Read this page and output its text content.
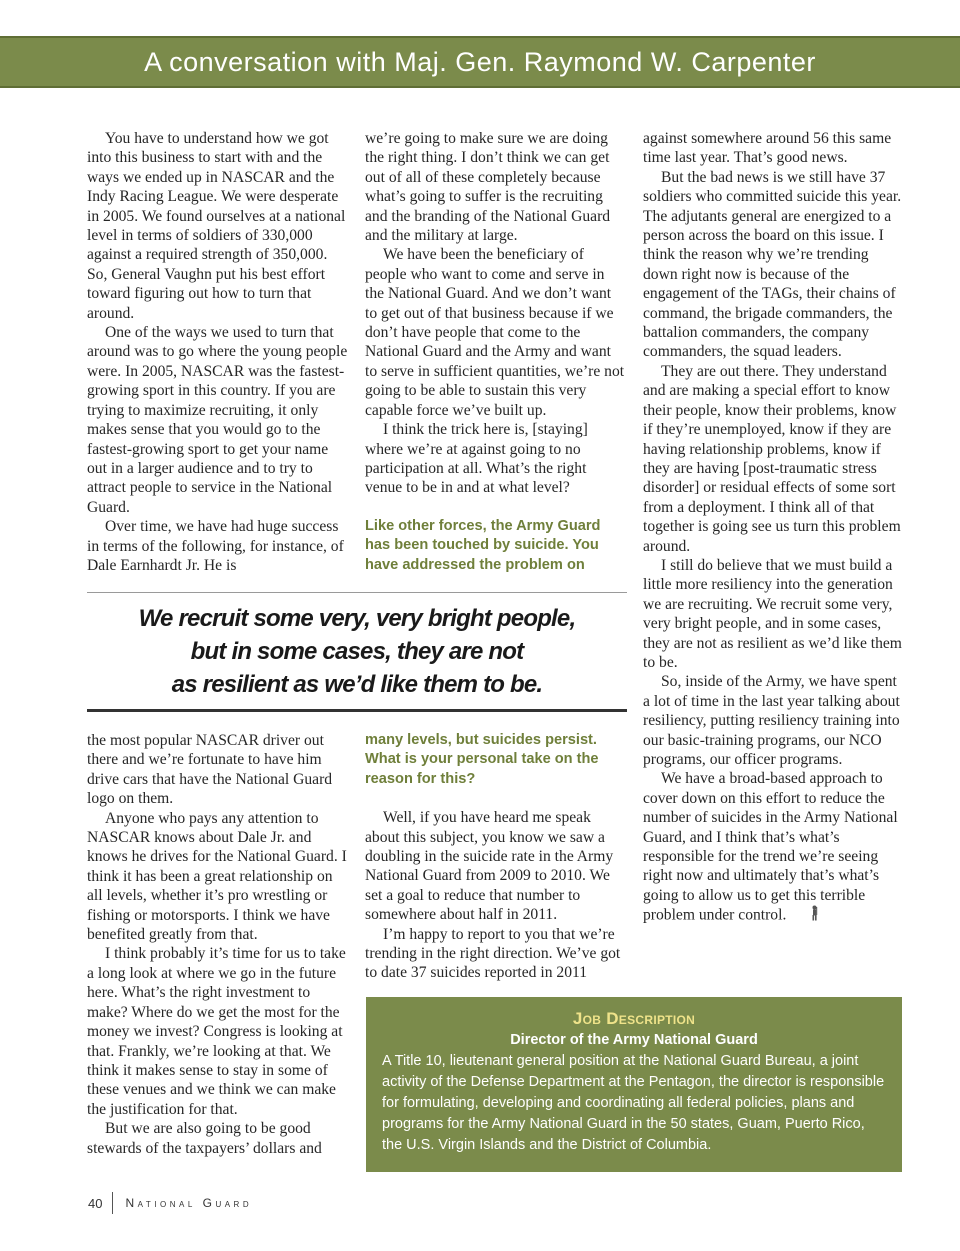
A conversation with Maj. Gen. Raymond W. Carpenter

You have to understand how we got into this business to start with and the ways we ended up in NASCAR and the Indy Racing League. We were desperate in 2005. We found ourselves at a national level in terms of soldiers of 330,000 against a required strength of 350,000. So, General Vaughn put his best effort toward figuring out how to turn that around.

One of the ways we used to turn that around was to go where the young people were. In 2005, NASCAR was the fastest-growing sport in this country. If you are trying to maximize recruiting, it only makes sense that you would go to the fastest-growing sport to get your name out in a larger audience and to try to attract people to service in the National Guard.

Over time, we have had huge success in terms of the following, for instance, of Dale Earnhardt Jr. He is

we’re going to make sure we are doing the right thing. I don’t think we can get out of all of these completely because what’s going to suffer is the recruiting and the branding of the National Guard and the military at large.

We have been the beneficiary of people who want to come and serve in the National Guard. And we don’t want to get out of that business because if we don’t have people that come to the National Guard and the Army and want to serve in sufficient quantities, we’re not going to be able to sustain this very capable force we’ve built up.

I think the trick here is, [staying] where we’re at against going to no participation at all. What’s the right venue to be in and at what level?

Like other forces, the Army Guard has been touched by suicide. You have addressed the problem on

against somewhere around 56 this same time last year. That’s good news.

But the bad news is we still have 37 soldiers who committed suicide this year. The adjutants general are energized to a person across the board on this issue. I think the reason why we’re trending down right now is because of the engagement of the TAGs, their chains of command, the brigade commanders, the battalion commanders, the company commanders, the squad leaders.

They are out there. They understand and are making a special effort to know their people, know their problems, know if they’re unemployed, know if they are having relationship problems, know if they are having [post-traumatic stress disorder] or residual effects of some sort from a deployment. I think all of that together is going see us turn this problem around.

I still do believe that we must build a little more resiliency into the generation we are recruiting. We recruit some very, very bright people, and in some cases, they are not as resilient as we’d like them to be.

So, inside of the Army, we have spent a lot of time in the last year talking about resiliency, putting resiliency training into our basic-training programs, our NCO programs, our officer programs.

We have a broad-based approach to cover down on this effort to reduce the number of suicides in the Army National Guard, and I think that’s what’s responsible for the trend we’re seeing right now and ultimately that’s what’s going to allow us to get this terrible problem under control.

We recruit some very, very bright people,
but in some cases, they are not
as resilient as we’d like them to be.

the most popular NASCAR driver out there and we’re fortunate to have him drive cars that have the National Guard logo on them.

Anyone who pays any attention to NASCAR knows about Dale Jr. and knows he drives for the National Guard. I think it has been a great relationship on all levels, whether it’s pro wrestling or fishing or motorsports. I think we have benefited greatly from that.

I think probably it’s time for us to take a long look at where we go in the future here. What’s the right investment to make? Where do we get the most for the money we invest? Congress is looking at that. Frankly, we’re looking at that. We think it makes sense to stay in some of these venues and we think we can make the justification for that.

But we are also going to be good stewards of the taxpayers’ dollars and

many levels, but suicides persist. What is your personal take on the reason for this?

Well, if you have heard me speak about this subject, you know we saw a doubling in the suicide rate in the Army National Guard from 2009 to 2010. We set a goal to reduce that number to somewhere about half in 2011.

I’m happy to report to you that we’re trending in the right direction. We’ve got to date 37 suicides reported in 2011

Job Description
Director of the Army National Guard
A Title 10, lieutenant general position at the National Guard Bureau, a joint activity of the Defense Department at the Pentagon, the director is responsible for formulating, developing and coordinating all federal policies, plans and programs for the Army National Guard in the 50 states, Guam, Puerto Rico, the U.S. Virgin Islands and the District of Columbia.
40 National Guard
